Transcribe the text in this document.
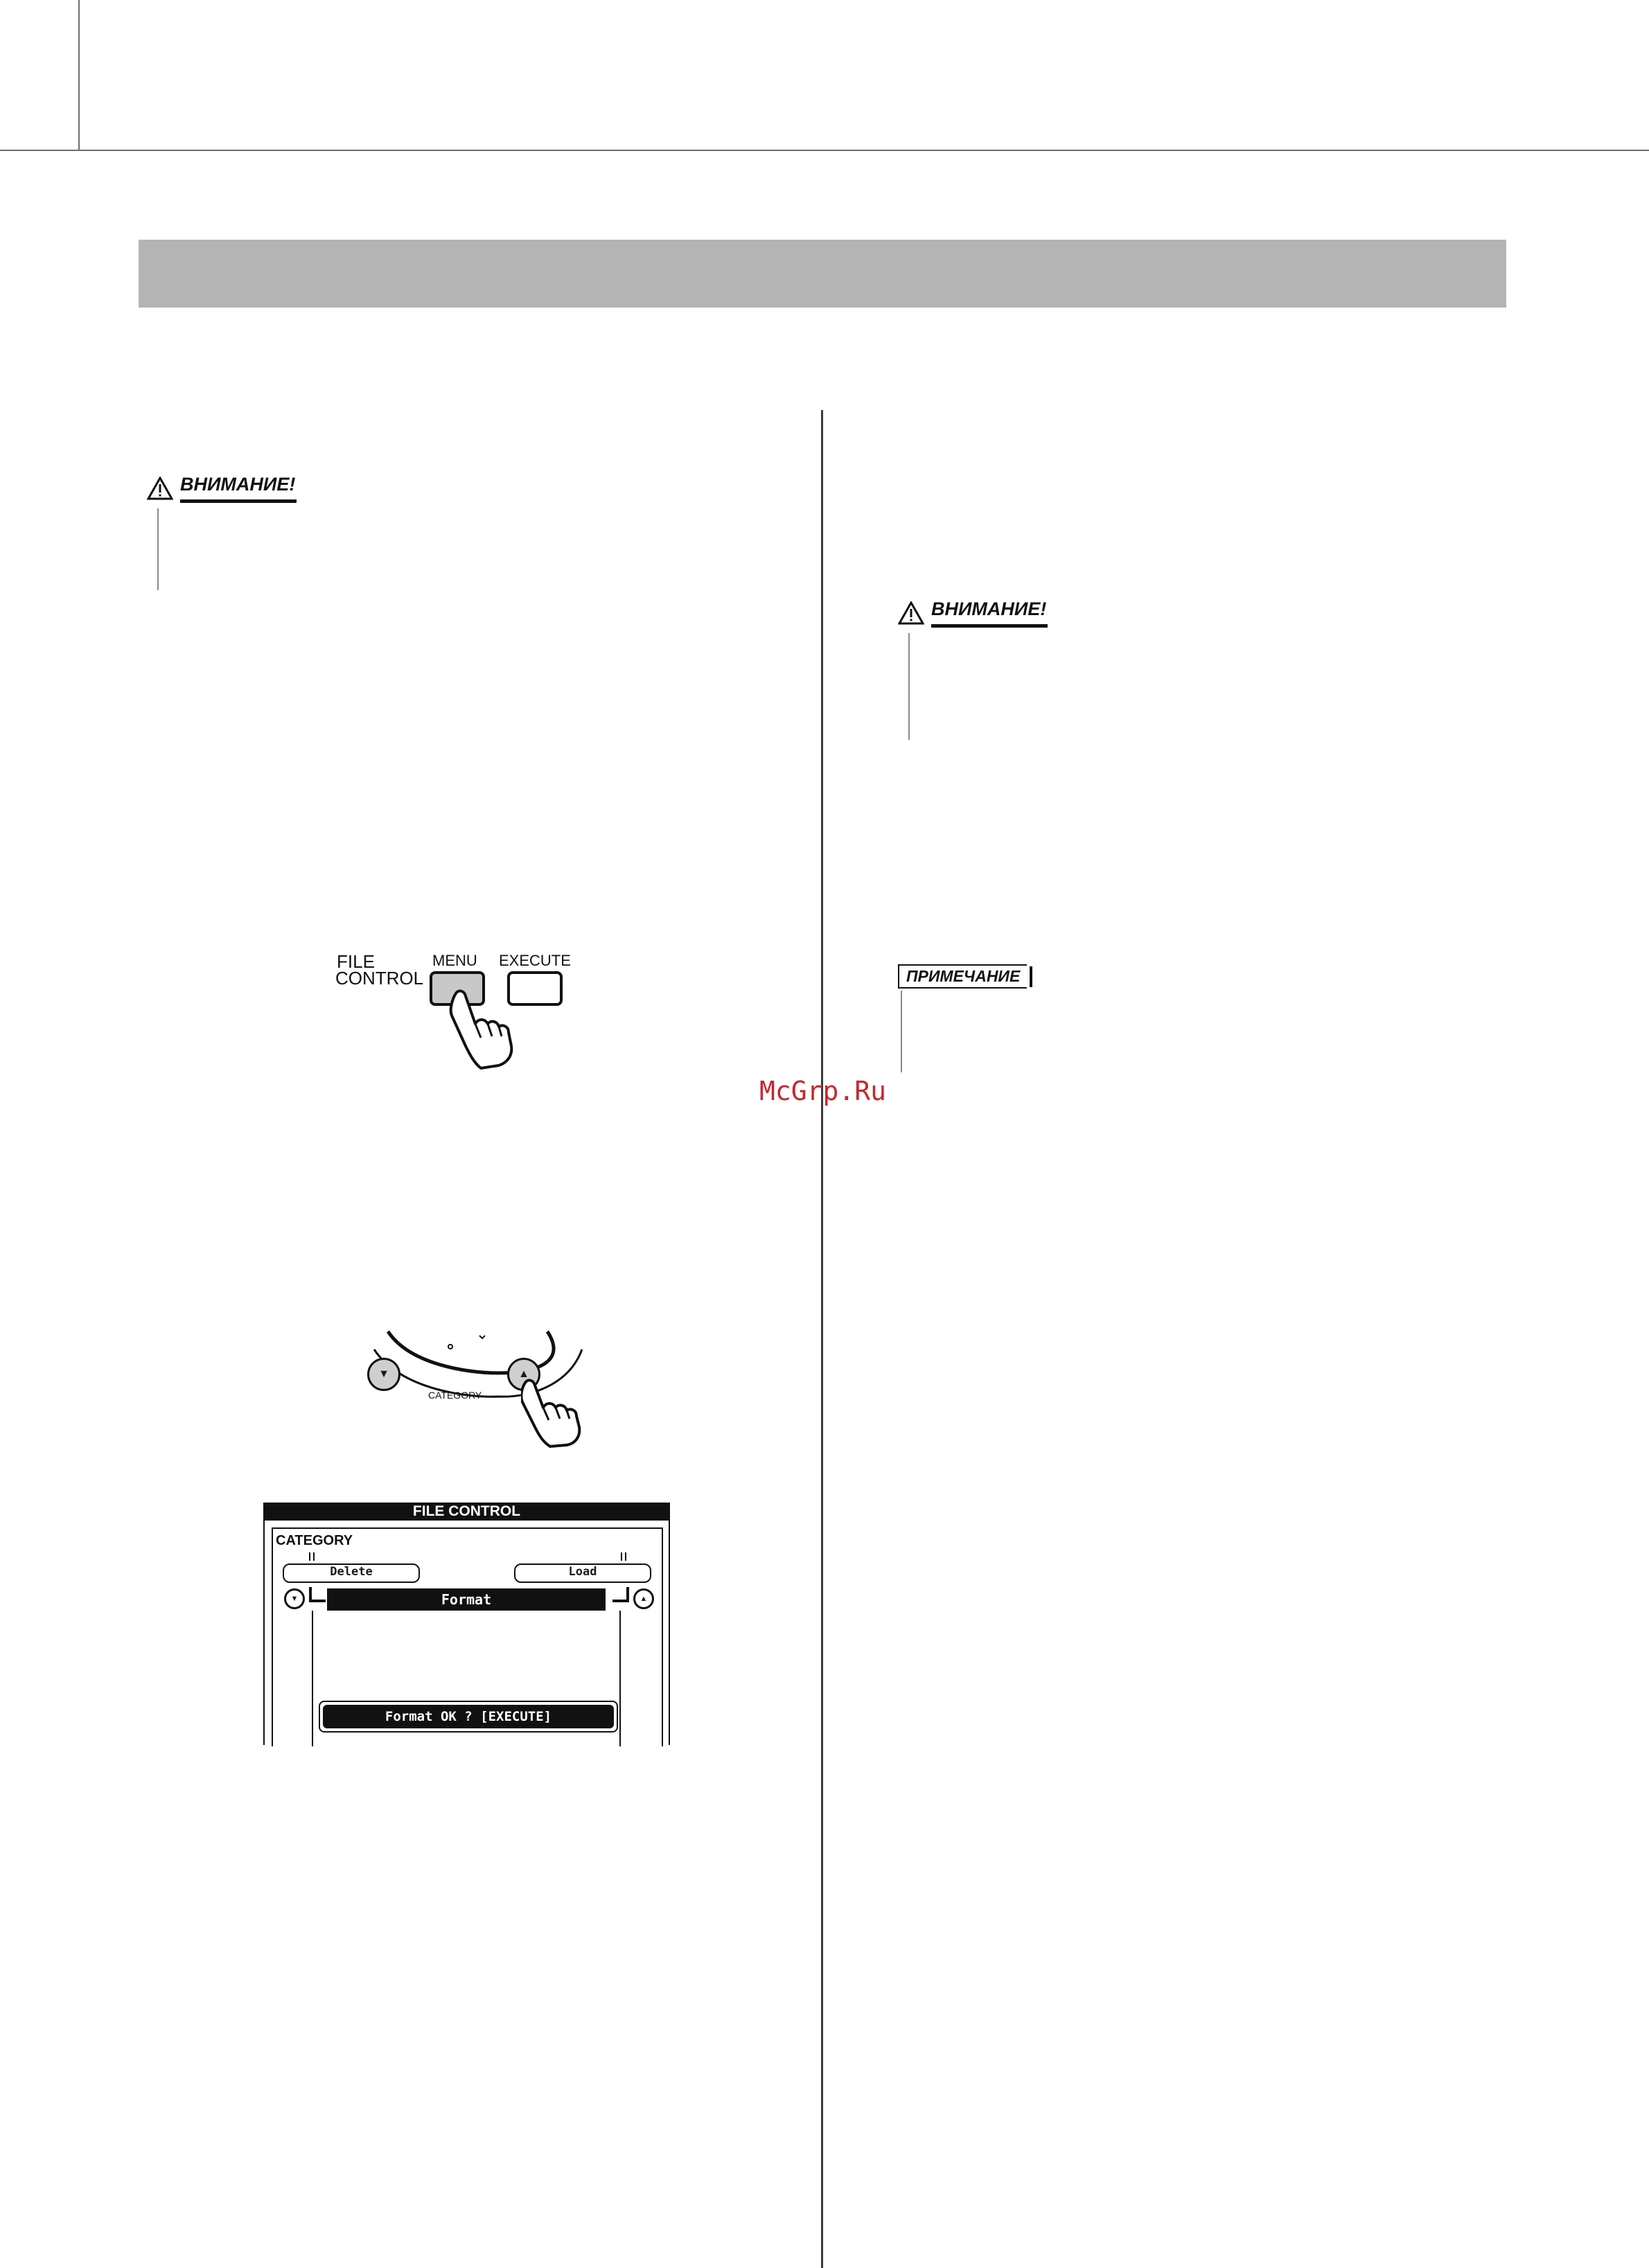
ВНИМАНИЕ!
ВНИМАНИЕ!
ПРИМЕЧАНИЕ
FILE
CONTROL
MENU EXECUTE
▼	▲
CATEGORY
FILE CONTROL
CATEGORY
Delete	Load
▼	▲
Format
Format OK ? [EXECUTE]
McGrp.Ru
